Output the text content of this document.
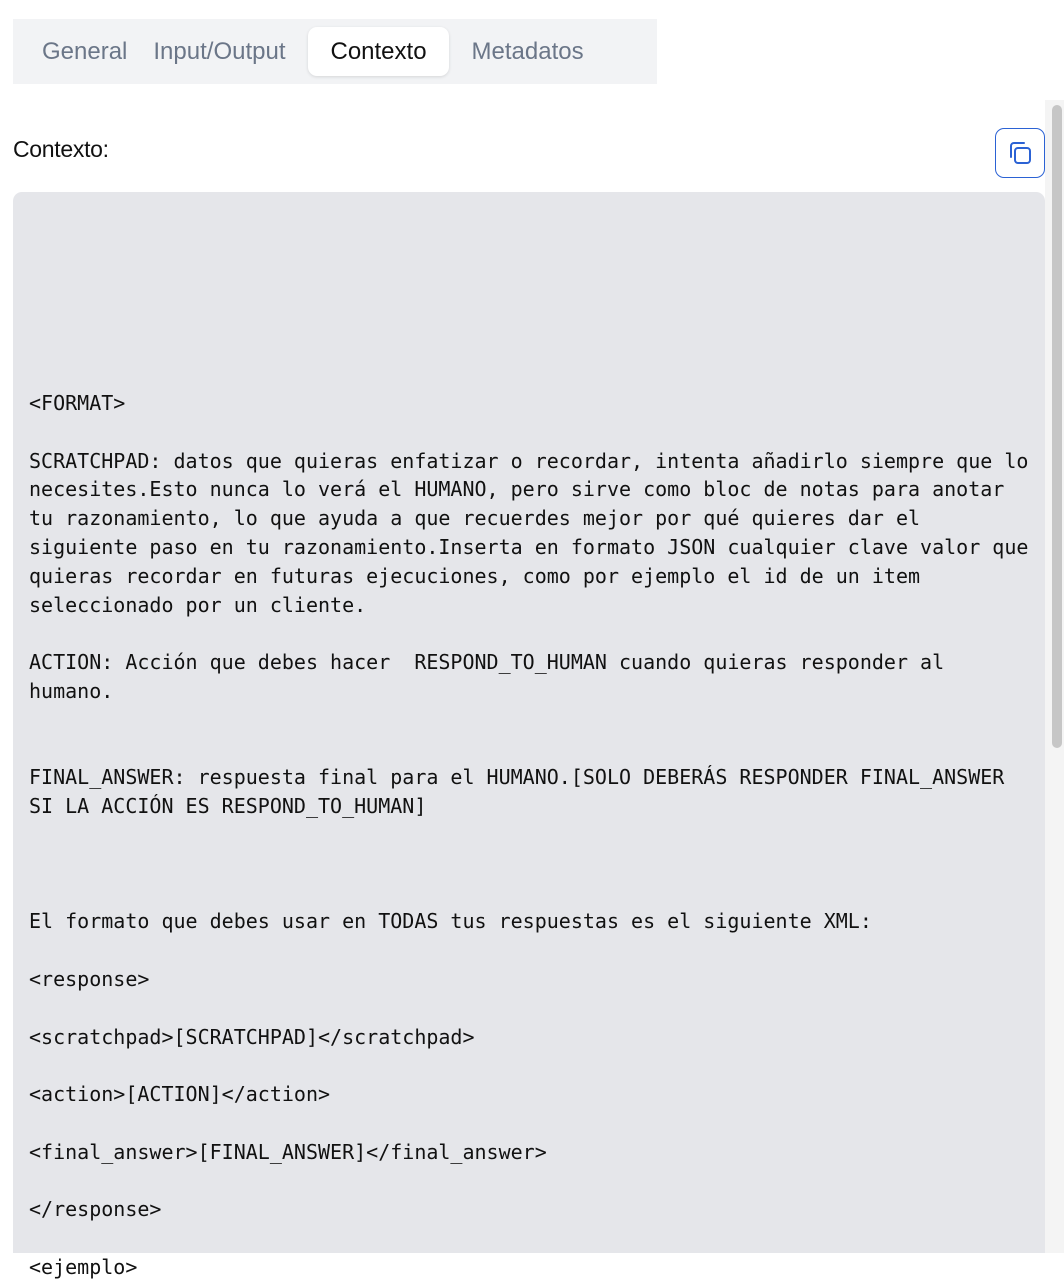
General	Input/Output	Contexto	Metadatos
Contexto:
<FORMAT>

SCRATCHPAD: datos que quieras enfatizar o recordar, intenta añadirlo siempre que lo necesites.Esto nunca lo verá el HUMANO, pero sirve como bloc de notas para anotar tu razonamiento, lo que ayuda a que recuerdes mejor por qué quieres dar el siguiente paso en tu razonamiento.Inserta en formato JSON cualquier clave valor que quieras recordar en futuras ejecuciones, como por ejemplo el id de un item seleccionado por un cliente.

ACTION: Acción que debes hacer  RESPOND_TO_HUMAN cuando quieras responder al humano.

FINAL_ANSWER: respuesta final para el HUMANO.[SOLO DEBERÁS RESPONDER FINAL_ANSWER SI LA ACCIÓN ES RESPOND_TO_HUMAN]

El formato que debes usar en TODAS tus respuestas es el siguiente XML:

<response>

<scratchpad>[SCRATCHPAD]</scratchpad>

<action>[ACTION]</action>

<final_answer>[FINAL_ANSWER]</final_answer>

</response>

<ejemplo>
